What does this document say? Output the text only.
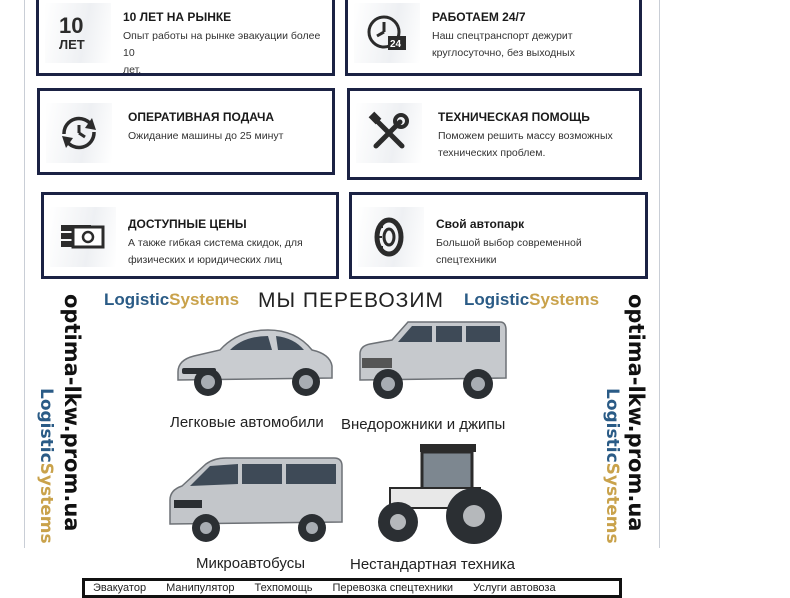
10
ЛЕТ
10 ЛЕТ НА РЫНКЕ
Опыт работы на рынке эвакуации более 10
лет.
24
РАБОТАЕМ 24/7
Наш спецтранспорт дежурит
круглосуточно, без выходных
ОПЕРАТИВНАЯ ПОДАЧА
Ожидание машины до 25 минут
ТЕХНИЧЕСКАЯ ПОМОЩЬ
Поможем решить массу возможных
технических проблем.
ДОСТУПНЫЕ ЦЕНЫ
А также гибкая система скидок, для
физических и юридических лиц
Свой автопарк
Большой выбор современной спецтехники
LogisticSystems МЫ ПЕРЕВОЗИМ LogisticSystems
optima-lkw.prom.ua
LogisticSystems	optima-lkw.prom.ua
LogisticSystems
Легковые автомобили Внедорожники и джипы
Микроавтобусы	Нестандартная техника
Эвакуатор Манипулятор Техпомощь Перевозка спецтехники Услуги автовоза
